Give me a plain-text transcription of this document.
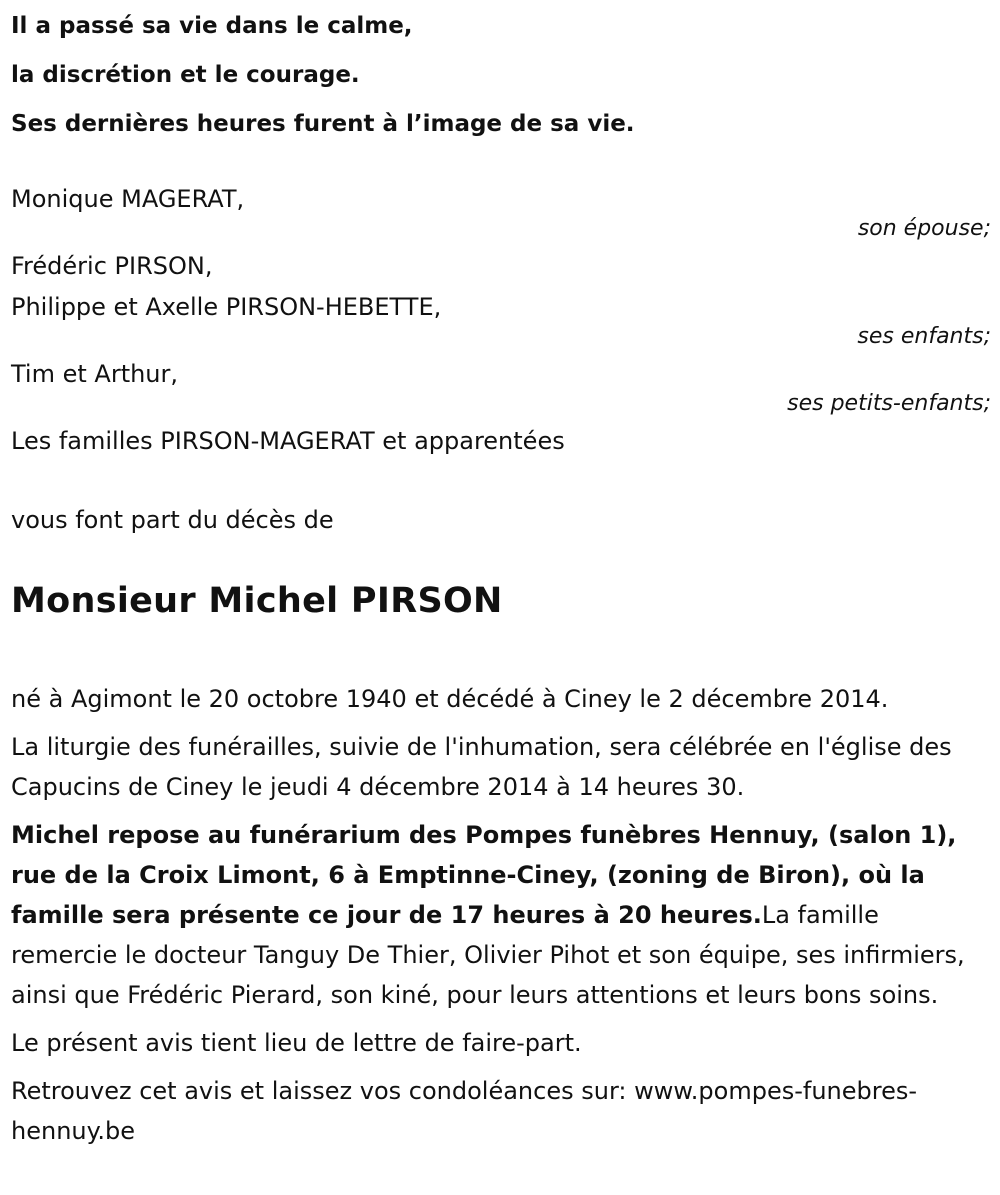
Il a passé sa vie dans le calme,
la discrétion et le courage.
Ses dernières heures furent à l’image de sa vie.
Monique MAGERAT,
son épouse;
Frédéric PIRSON,
Philippe et Axelle PIRSON-HEBETTE,
ses enfants;
Tim et Arthur,
ses petits-enfants;
Les familles PIRSON-MAGERAT et apparentées
vous font part du décès de
Monsieur Michel PIRSON

né à Agimont le 20 octobre 1940 et décédé à Ciney le 2 décembre 2014.

La liturgie des funérailles, suivie de l'inhumation, sera célébrée en l'église des Capucins de Ciney le jeudi 4 décembre 2014 à 14 heures 30.

Michel repose au funérarium des Pompes funèbres Hennuy, (salon 1), rue de la Croix Limont, 6 à Emptinne-Ciney, (zoning de Biron), où la famille sera présente ce jour de 17 heures à 20 heures.La famille remercie le docteur Tanguy De Thier, Olivier Pihot et son équipe, ses infirmiers, ainsi que Frédéric Pierard, son kiné, pour leurs attentions et leurs bons soins.

Le présent avis tient lieu de lettre de faire-part.

Retrouvez cet avis et laissez vos condoléances sur: www.pompes-funebres-hennuy.be
